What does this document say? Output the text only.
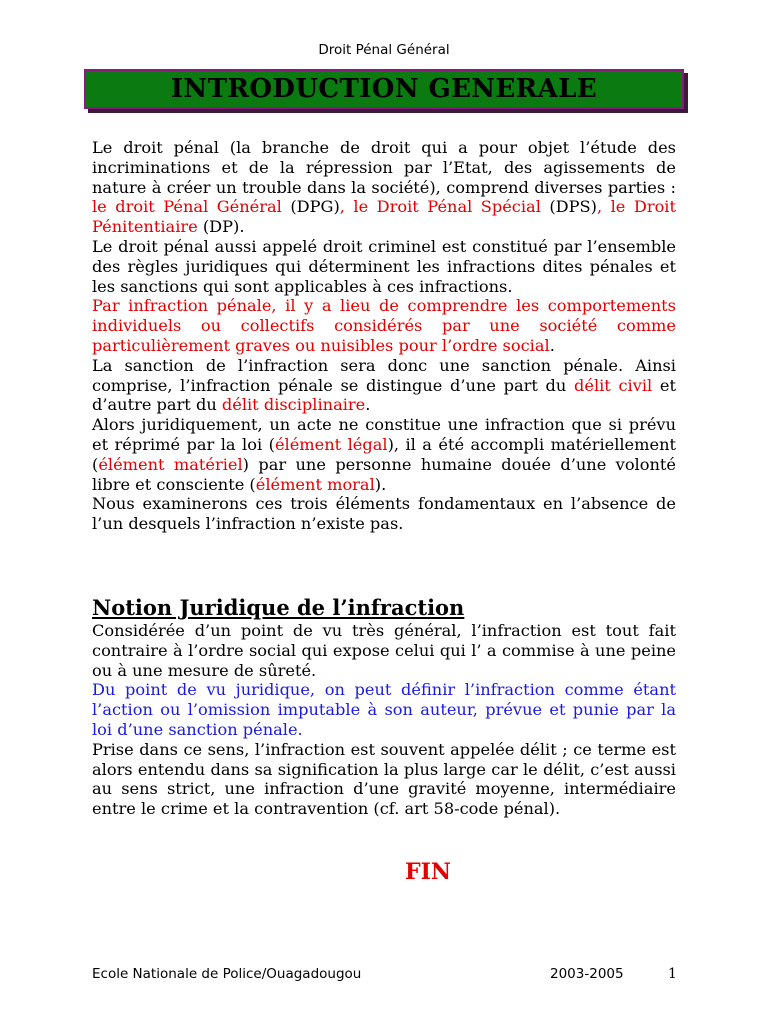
Droit Pénal Général
INTRODUCTION GENERALE

Le droit pénal (la branche de droit qui a pour objet l’étude des incriminations et de la répression par l’Etat, des agissements de nature à créer un trouble dans la société), comprend diverses parties : le droit Pénal Général (DPG), le Droit Pénal Spécial (DPS), le Droit Pénitentiaire (DP).

Le droit pénal aussi appelé droit criminel est constitué par l’ensemble des règles juridiques qui déterminent les infractions dites pénales et les sanctions qui sont applicables à ces infractions.

Par infraction pénale, il y a lieu de comprendre les comportements individuels ou collectifs considérés par une société comme particulièrement graves ou nuisibles pour l’ordre social.

La sanction de l’infraction sera donc une sanction pénale. Ainsi comprise, l’infraction pénale se distingue d’une part du délit civil et d’autre part du délit disciplinaire.

Alors juridiquement, un acte ne constitue une infraction que si prévu et réprimé par la loi (élément légal), il a été accompli matériellement (élément matériel) par une personne humaine douée d’une volonté libre et consciente (élément moral).

Nous examinerons ces trois éléments fondamentaux en l’absence de l’un desquels l’infraction n’existe pas.

Notion Juridique de l’infraction

Considérée d’un point de vu très général, l’infraction est tout fait contraire à l’ordre social qui expose celui qui l’ a commise à une peine ou à une mesure de sûreté.

Du point de vu juridique, on peut définir l’infraction comme étant l’action ou l’omission imputable à son auteur, prévue et punie par la loi d’une sanction pénale.

Prise dans ce sens, l’infraction est souvent appelée délit ; ce terme est alors entendu dans sa signification la plus large car le délit, c’est aussi au sens strict, une infraction d’une gravité moyenne, intermédiaire entre le crime et la contravention (cf. art 58-code pénal).

FIN
Ecole Nationale de Police/Ouagadougou	2003-2005	1
